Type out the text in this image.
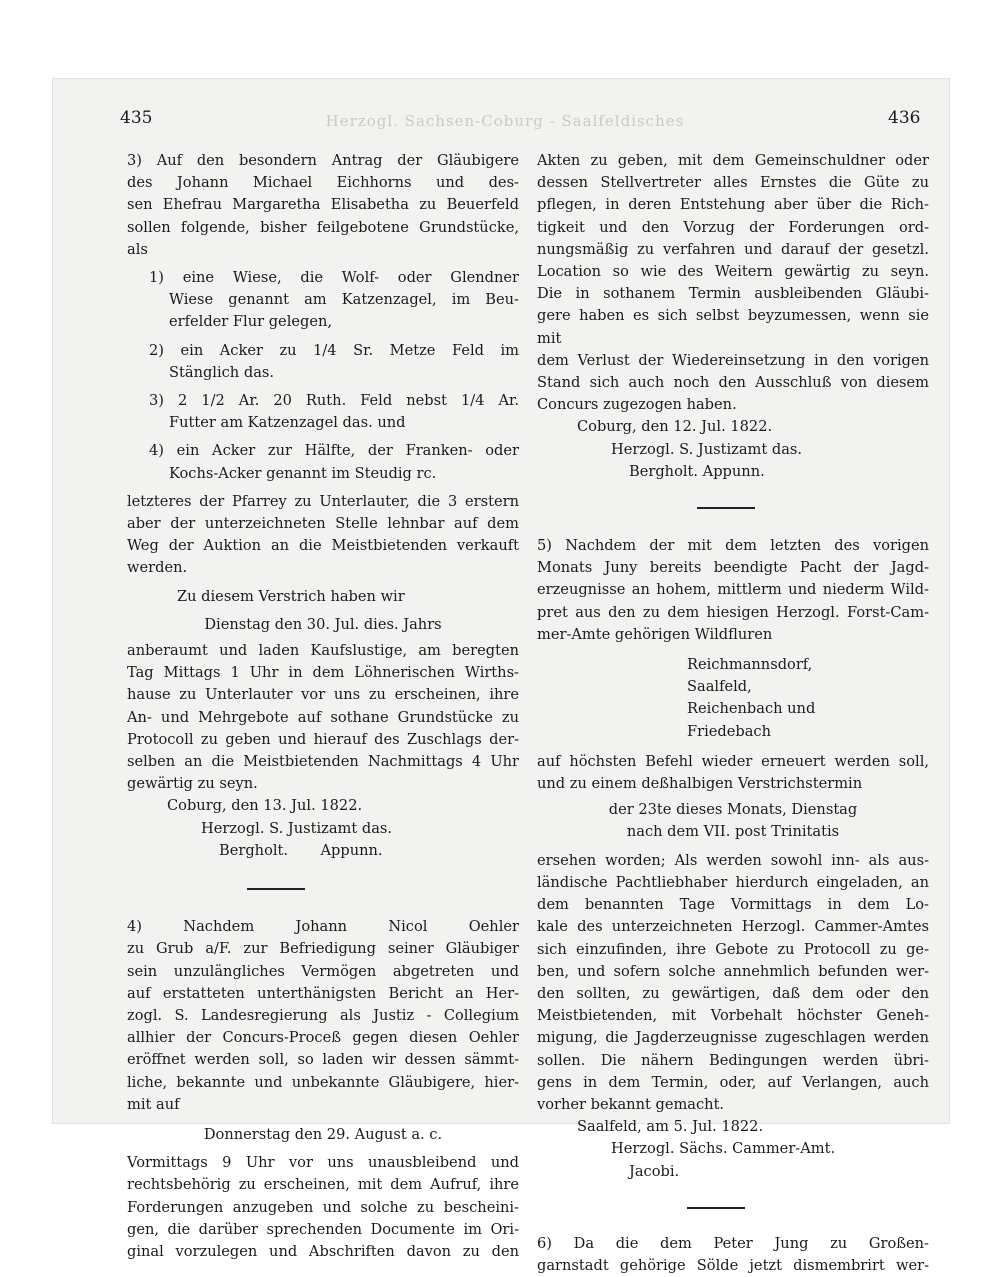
435	436
Herzogl. Sachsen-Coburg - Saalfeldisches

3) Auf den besondern Antrag der Gläubigere

des Johann Michael Eichhorns und des-

sen Ehefrau Margaretha Elisabetha zu Beuerfeld

sollen folgende, bisher feilgebotene Grundstücke, als

1) eine Wiese, die Wolf- oder Glendner

Wiese genannt am Katzenzagel, im Beu-

erfelder Flur gelegen,

2) ein Acker zu 1/4 Sr. Metze Feld im

Stänglich das.

3) 2 1/2 Ar. 20 Ruth. Feld nebst 1/4 Ar.

Futter am Katzenzagel das. und

4) ein Acker zur Hälfte, der Franken- oder

Kochs-Acker genannt im Steudig rc.

letzteres der Pfarrey zu Unterlauter, die 3 erstern

aber der unterzeichneten Stelle lehnbar auf dem

Weg der Auktion an die Meistbietenden verkauft

werden.

Zu diesem Verstrich haben wir

Dienstag den 30. Jul. dies. Jahrs

anberaumt und laden Kaufslustige, am beregten

Tag Mittags 1 Uhr in dem Löhnerischen Wirths-

hause zu Unterlauter vor uns zu erscheinen, ihre

An- und Mehrgebote auf sothane Grundstücke zu

Protocoll zu geben und hierauf des Zuschlags der-

selben an die Meistbietenden Nachmittags 4 Uhr

gewärtig zu seyn.

Coburg, den 13. Jul. 1822.

Herzogl. S. Justizamt das.

Bergholt.       Appunn.

4) Nachdem Johann Nicol Oehler

zu Grub a/F. zur Befriedigung seiner Gläubiger

sein unzulängliches Vermögen abgetreten und

auf erstatteten unterthänigsten Bericht an Her-

zogl. S. Landesregierung als Justiz - Collegium

allhier der Concurs-Proceß gegen diesen Oehler

eröffnet werden soll, so laden wir dessen sämmt-

liche, bekannte und unbekannte Gläubigere, hier-

mit auf

Donnerstag den 29. August a. c.

Vormittags 9 Uhr vor uns unausbleibend und

rechtsbehörig zu erscheinen, mit dem Aufruf, ihre

Forderungen anzugeben und solche zu bescheini-

gen, die darüber sprechenden Documente im Ori-

ginal vorzulegen und Abschriften davon zu den

Akten zu geben, mit dem Gemeinschuldner oder

dessen Stellvertreter alles Ernstes die Güte zu

pflegen, in deren Entstehung aber über die Rich-

tigkeit und den Vorzug der Forderungen ord-

nungsmäßig zu verfahren und darauf der gesetzl.

Location so wie des Weitern gewärtig zu seyn.

Die in sothanem Termin ausbleibenden Gläubi-

gere haben es sich selbst beyzumessen, wenn sie mit

dem Verlust der Wiedereinsetzung in den vorigen

Stand sich auch noch den Ausschluß von diesem

Concurs zugezogen haben.

Coburg, den 12. Jul. 1822.

Herzogl. S. Justizamt das.

Bergholt. Appunn.

5) Nachdem der mit dem letzten des vorigen

Monats Juny bereits beendigte Pacht der Jagd-

erzeugnisse an hohem, mittlerm und niederm Wild-

pret aus den zu dem hiesigen Herzogl. Forst-Cam-

mer-Amte gehörigen Wildfluren

Reichmannsdorf,

Saalfeld,

Reichenbach und

Friedebach

auf höchsten Befehl wieder erneuert werden soll,

und zu einem deßhalbigen Verstrichstermin

der 23te dieses Monats, Dienstag

nach dem VII. post Trinitatis

ersehen worden; Als werden sowohl inn- als aus-

ländische Pachtliebhaber hierdurch eingeladen, an

dem benannten Tage Vormittags in dem Lo-

kale des unterzeichneten Herzogl. Cammer-Amtes

sich einzufinden, ihre Gebote zu Protocoll zu ge-

ben, und sofern solche annehmlich befunden wer-

den sollten, zu gewärtigen, daß dem oder den

Meistbietenden, mit Vorbehalt höchster Geneh-

migung, die Jagderzeugnisse zugeschlagen werden

sollen. Die nähern Bedingungen werden übri-

gens in dem Termin, oder, auf Verlangen, auch

vorher bekannt gemacht.

Saalfeld, am 5. Jul. 1822.

Herzogl. Sächs. Cammer-Amt.

Jacobi.

6) Da die dem Peter Jung zu Großen-

garnstadt gehörige Sölde jetzt dismembrirt wer-
